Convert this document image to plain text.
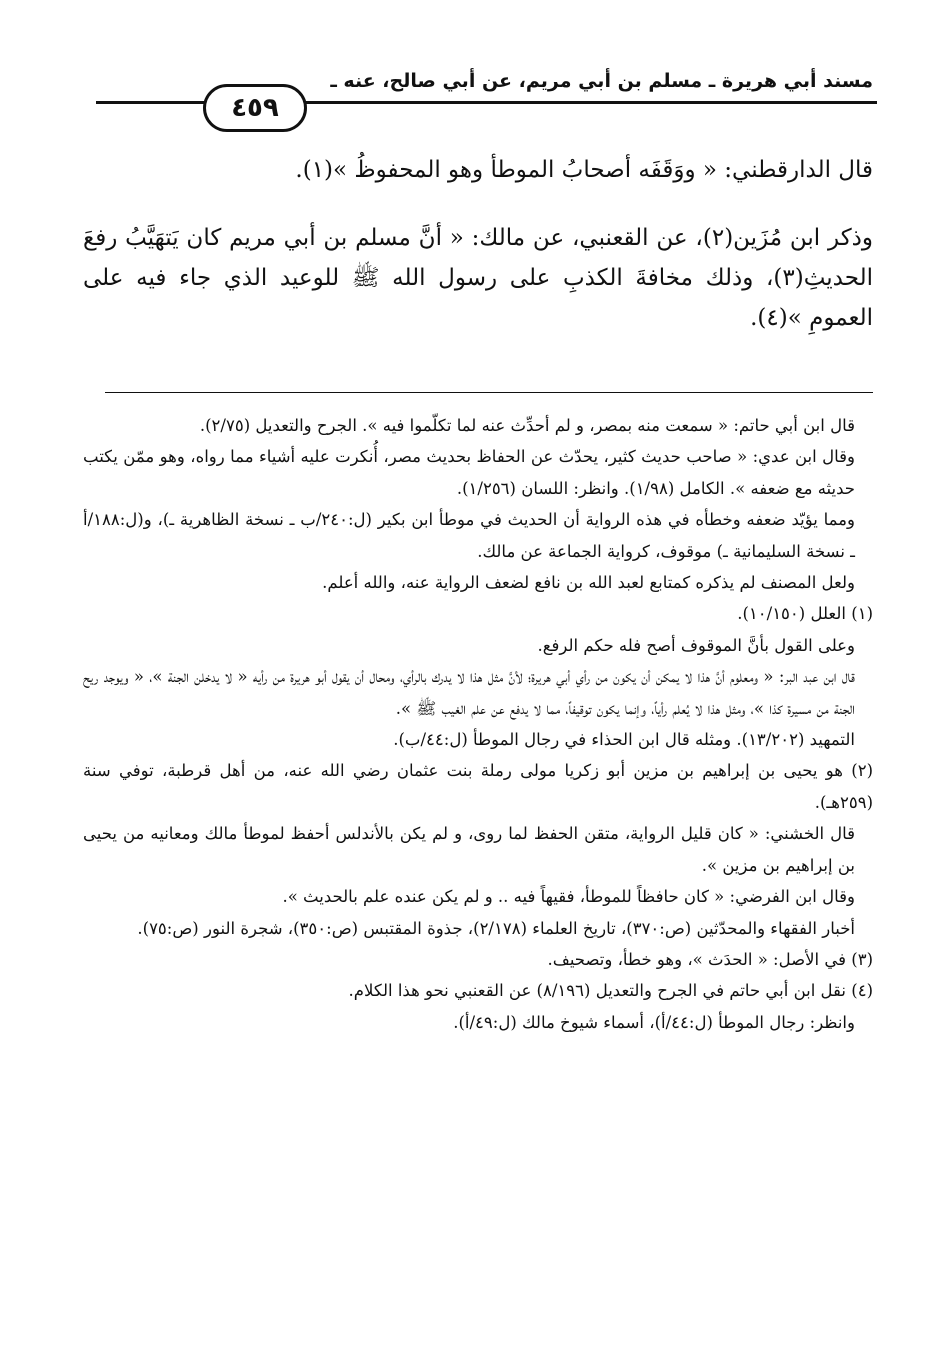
مسند أبي هريرة ـ مسلم بن أبي مريم، عن أبي صالح، عنه ـ
٤٥٩

قال الدارقطني: « ووَقَفَه أصحابُ الموطأ وهو المحفوظُ »(١).

وذكر ابن مُزَين(٢)، عن القعنبي، عن مالك: « أنَّ مسلم بن أبي مريم كان يَتهَيَّبُ رفعَ الحديثِ(٣)، وذلك مخافةَ الكذبِ على رسول الله ﷺ للوعيد الذي جاء فيه على العمومِ »(٤).

قال ابن أبي حاتم: « سمعت منه بمصر، و لم أحدِّث عنه لما تكلّموا فيه ». الجرح والتعديل (٢/٧٥).

وقال ابن عدي: « صاحب حديث كثير، يحدّث عن الحفاظ بحديث مصر، أُنكرت عليه أشياء مما رواه، وهو ممّن يكتب حديثه مع ضعفه ». الكامل (١/٩٨). وانظر: اللسان (١/٢٥٦).

ومما يؤيّد ضعفه وخطأه في هذه الرواية أن الحديث في موطأ ابن بكير (ل:٢٤٠/ب ـ نسخة الظاهرية ـ)، و(ل:١٨٨/أ ـ نسخة السليمانية ـ) موقوف، كرواية الجماعة عن مالك.

ولعل المصنف لم يذكره كمتابع لعبد الله بن نافع لضعف الرواية عنه، والله أعلم.

(١) العلل (١٠/١٥٠).

وعلى القول بأنَّ الموقوف أصح فله حكم الرفع.

قال ابن عبد البر: « ومعلوم أنَّ هذا لا يمكن أن يكون من رأي أبي هريرة؛ لأنَّ مثل هذا لا يدرك بالرأي، ومحال أن يقول أبو هريرة من رأيه « لا يدخلن الجنة »، « ويوجد ريح الجنة من مسيرة كذا »، ومثل هذا لا يُعلم رأياً، وإنما يكون توقيفاً، مما لا يدفع عن علم الغيب ﷺ ».

التمهيد (١٣/٢٠٢). ومثله قال ابن الحذاء في رجال الموطأ (ل:٤٤/ب).

(٢) هو يحيى بن إبراهيم بن مزين أبو زكريا مولى رملة بنت عثمان رضي الله عنه، من أهل قرطبة، توفي سنة (٢٥٩هـ).

قال الخشني: « كان قليل الرواية، متقن الحفظ لما روى، و لم يكن بالأندلس أحفظ لموطأ مالك ومعانيه من يحيى بن إبراهيم بن مزين ».

وقال ابن الفرضي: « كان حافظاً للموطأ، فقيهاً فيه .. و لم يكن عنده علم بالحديث ».

أخبار الفقهاء والمحدّثين (ص:٣٧٠)، تاريخ العلماء (٢/١٧٨)، جذوة المقتبس (ص:٣٥٠)، شجرة النور (ص:٧٥).

(٣) في الأصل: « الحدَث »، وهو خطأ، وتصحيف.

(٤) نقل ابن أبي حاتم في الجرح والتعديل (٨/١٩٦) عن القعنبي نحو هذا الكلام.

وانظر: رجال الموطأ (ل:٤٤/أ)، أسماء شيوخ مالك (ل:٤٩/أ).
